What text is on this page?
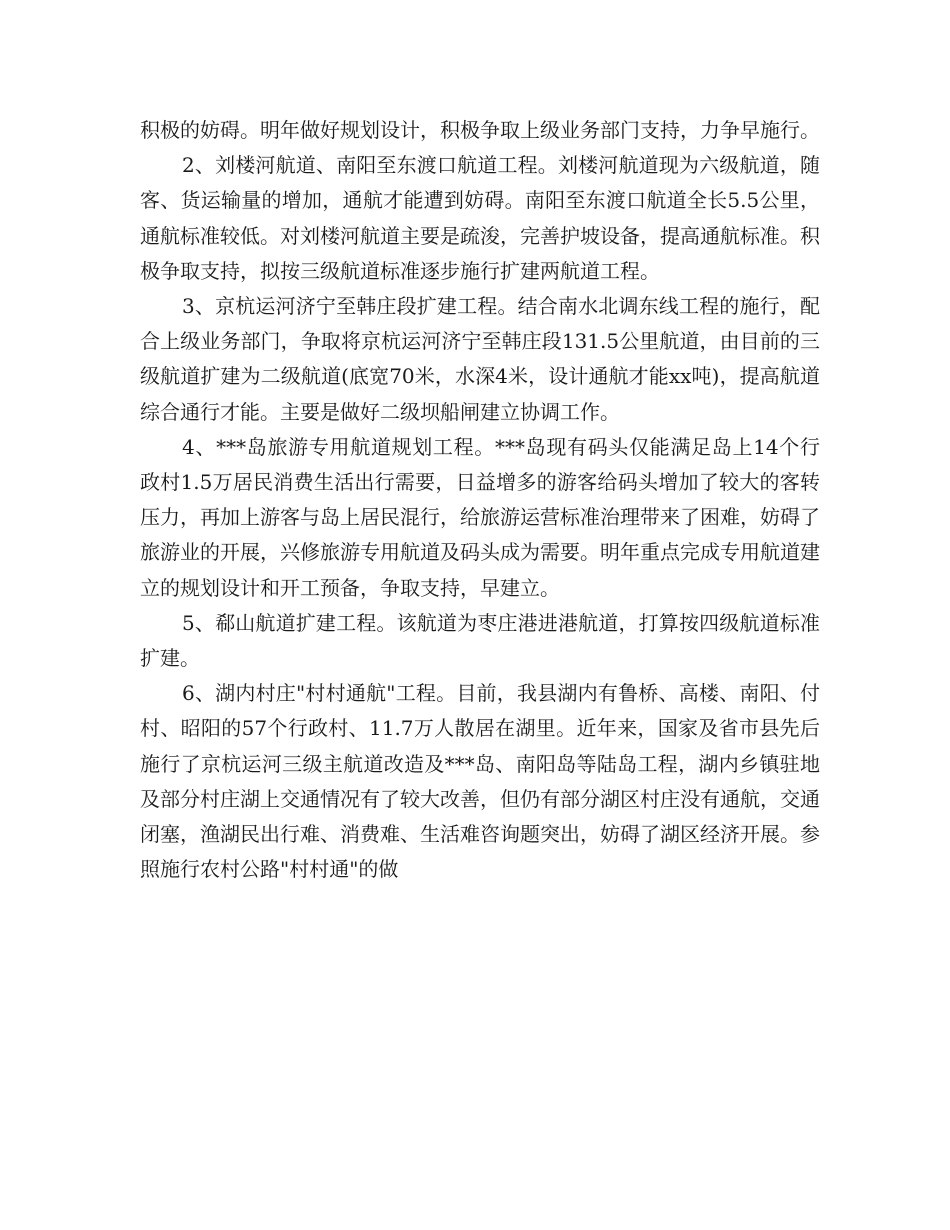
积极的妨碍。明年做好规划设计，积极争取上级业务部门支持，力争早施行。

2、刘楼河航道、南阳至东渡口航道工程。刘楼河航道现为六级航道，随客、货运输量的增加，通航才能遭到妨碍。南阳至东渡口航道全长5.5公里，通航标准较低。对刘楼河航道主要是疏浚，完善护坡设备，提高通航标准。积极争取支持，拟按三级航道标准逐步施行扩建两航道工程。

3、京杭运河济宁至韩庄段扩建工程。结合南水北调东线工程的施行，配合上级业务部门，争取将京杭运河济宁至韩庄段131.5公里航道，由目前的三级航道扩建为二级航道(底宽70米，水深4米，设计通航才能xx吨)，提高航道综合通行才能。主要是做好二级坝船闸建立协调工作。

4、***岛旅游专用航道规划工程。***岛现有码头仅能满足岛上14个行政村1.5万居民消费生活出行需要，日益增多的游客给码头增加了较大的客转压力，再加上游客与岛上居民混行，给旅游运营标准治理带来了困难，妨碍了旅游业的开展，兴修旅游专用航道及码头成为需要。明年重点完成专用航道建立的规划设计和开工预备，争取支持，早建立。

5、郗山航道扩建工程。该航道为枣庄港进港航道，打算按四级航道标准扩建。

6、湖内村庄"村村通航"工程。目前，我县湖内有鲁桥、高楼、南阳、付村、昭阳的57个行政村、11.7万人散居在湖里。近年来，国家及省市县先后施行了京杭运河三级主航道改造及***岛、南阳岛等陆岛工程，湖内乡镇驻地及部分村庄湖上交通情况有了较大改善，但仍有部分湖区村庄没有通航，交通闭塞，渔湖民出行难、消费难、生活难咨询题突出，妨碍了湖区经济开展。参照施行农村公路"村村通"的做
